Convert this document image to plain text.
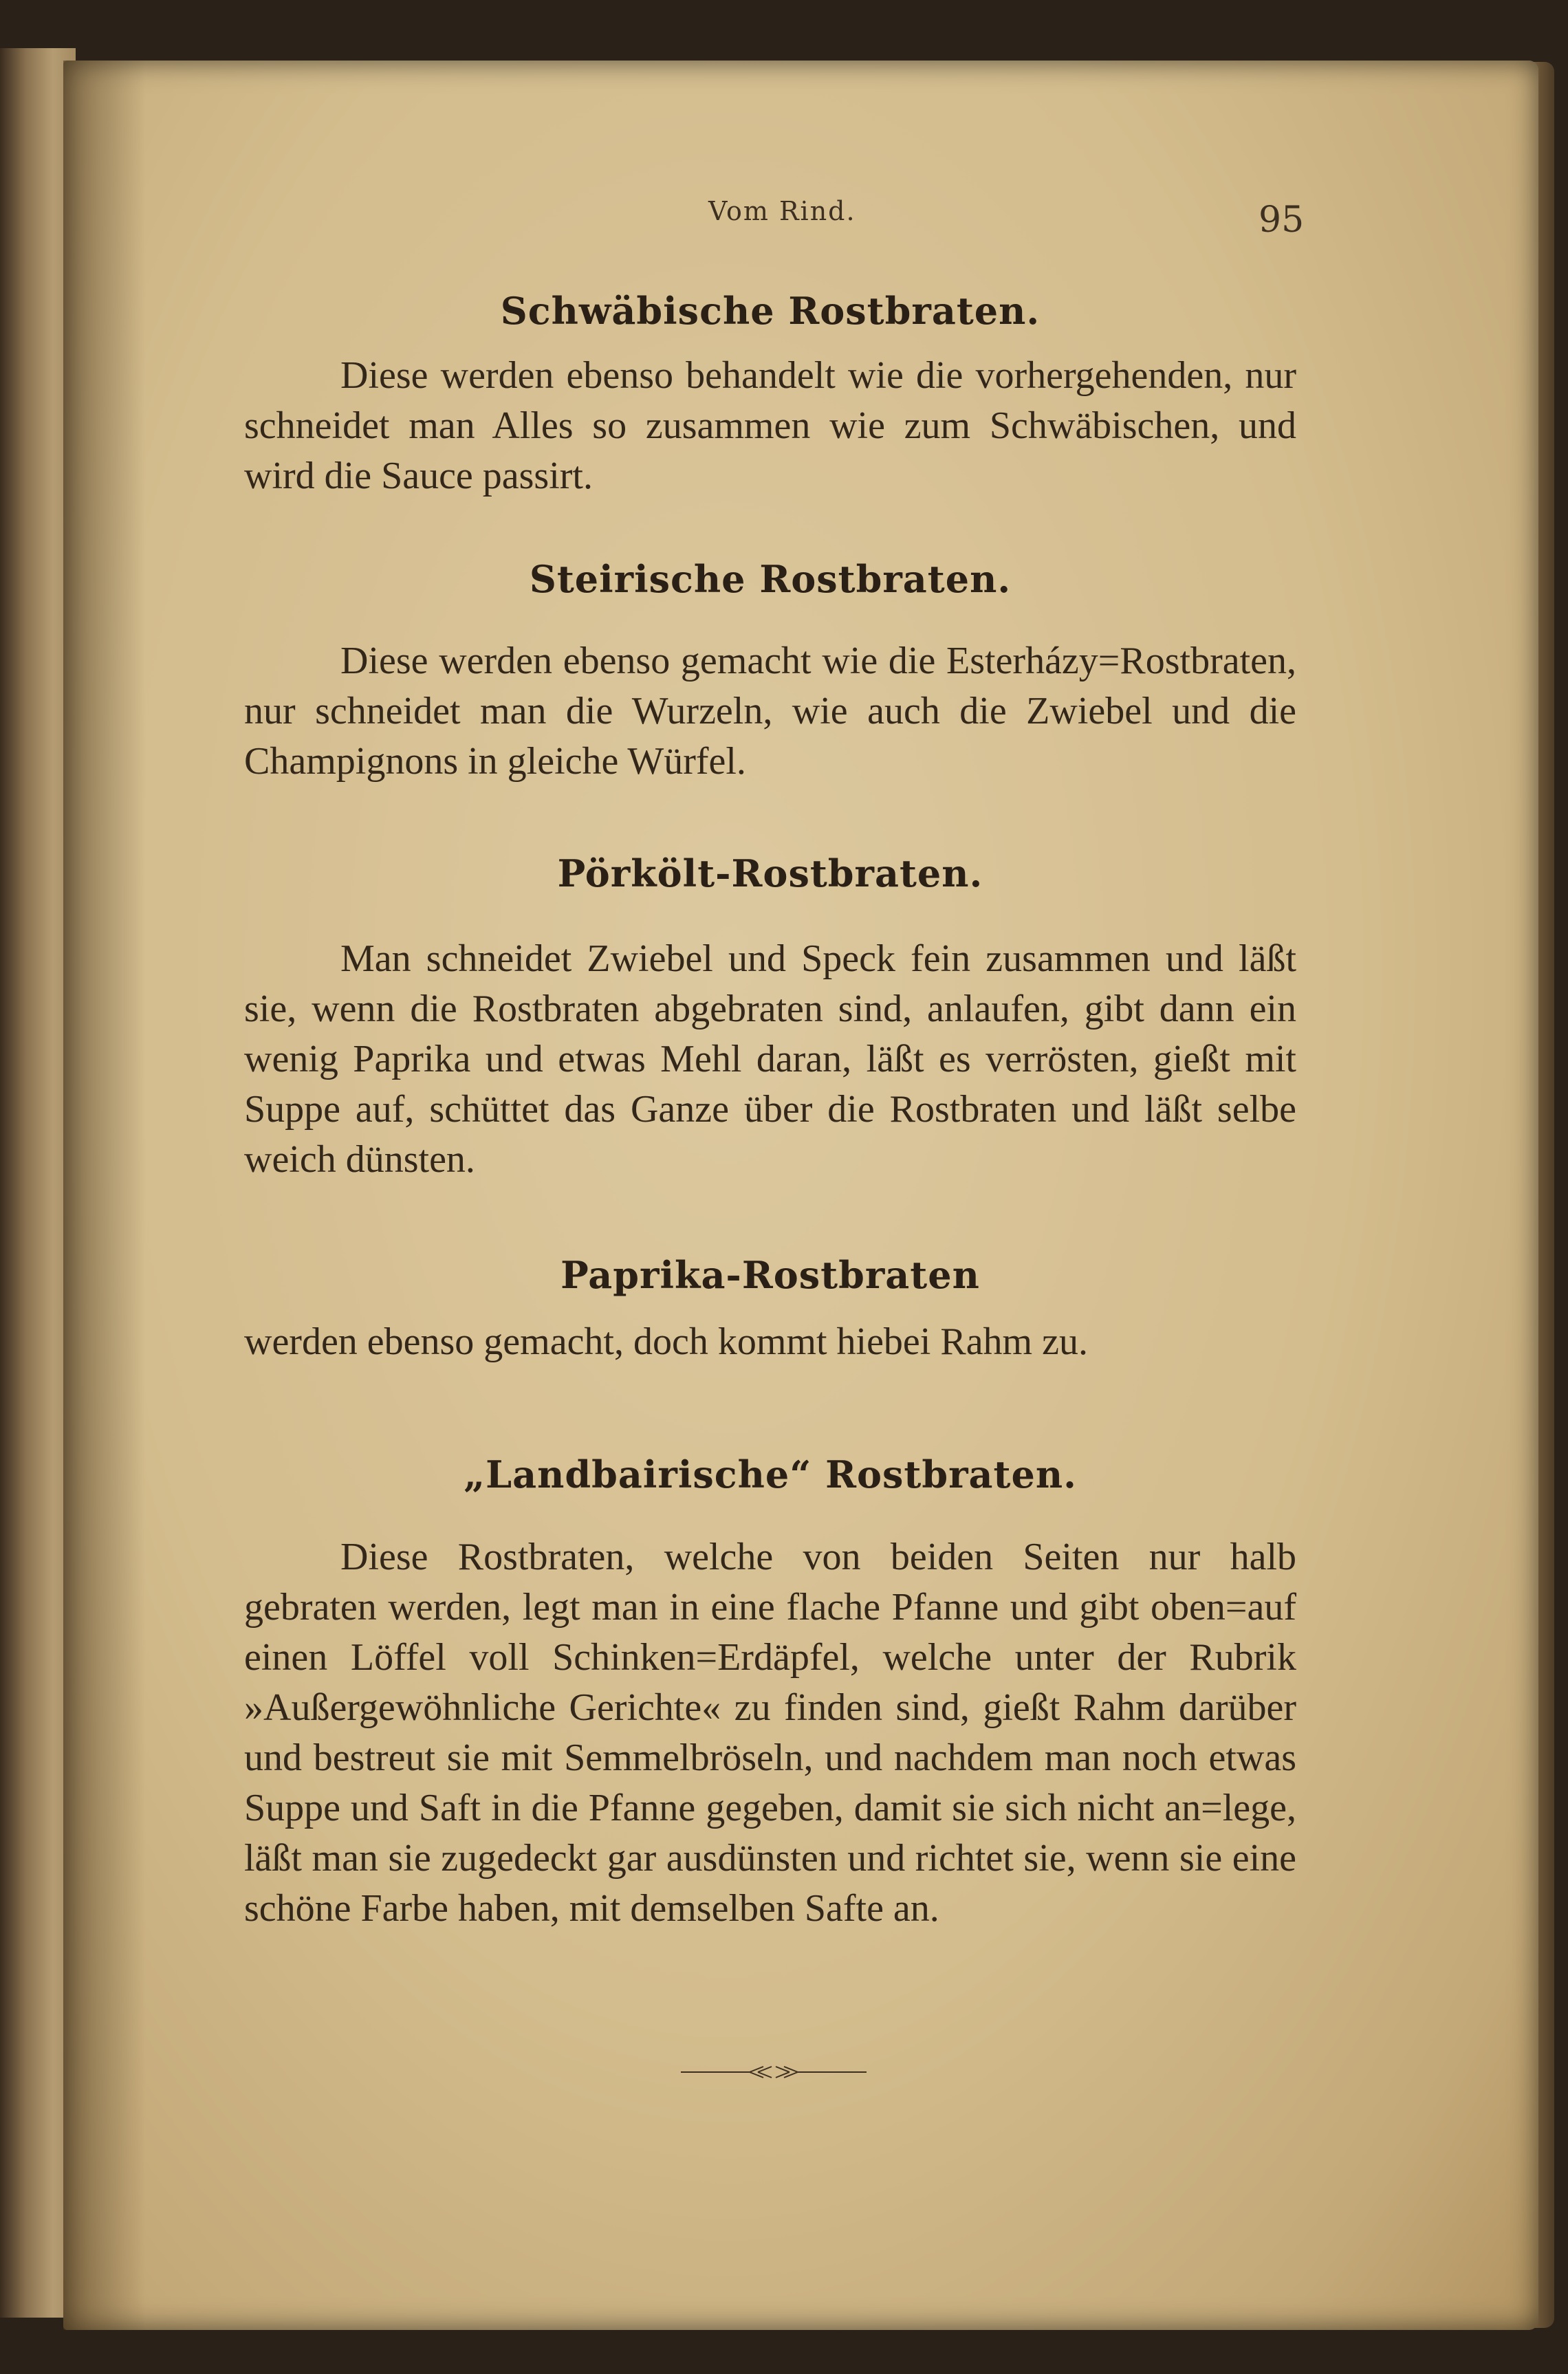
Vom Rind.	95
Schwäbische Rostbraten.
Diese werden ebenso behandelt wie die vorhergehenden, nur schneidet man Alles so zusammen wie zum Schwäbischen, und wird die Sauce passirt.
Steirische Rostbraten.
Diese werden ebenso gemacht wie die Esterházy=Rostbraten, nur schneidet man die Wurzeln, wie auch die Zwiebel und die Champignons in gleiche Würfel.
Pörkölt-Rostbraten.
Man schneidet Zwiebel und Speck fein zusammen und läßt sie, wenn die Rostbraten abgebraten sind, anlaufen, gibt dann ein wenig Paprika und etwas Mehl daran, läßt es verrösten, gießt mit Suppe auf, schüttet das Ganze über die Rostbraten und läßt selbe weich dünsten.
Paprika-Rostbraten
werden ebenso gemacht, doch kommt hiebei Rahm zu.
„Landbairische“ Rostbraten.
Diese Rostbraten, welche von beiden Seiten nur halb gebraten werden, legt man in eine flache Pfanne und gibt oben=auf einen Löffel voll Schinken=Erdäpfel, welche unter der Rubrik »Außergewöhnliche Gerichte« zu finden sind, gießt Rahm darüber und bestreut sie mit Semmelbröseln, und nachdem man noch etwas Suppe und Saft in die Pfanne gegeben, damit sie sich nicht an=lege, läßt man sie zugedeckt gar ausdünsten und richtet sie, wenn sie eine schöne Farbe haben, mit demselben Safte an.
